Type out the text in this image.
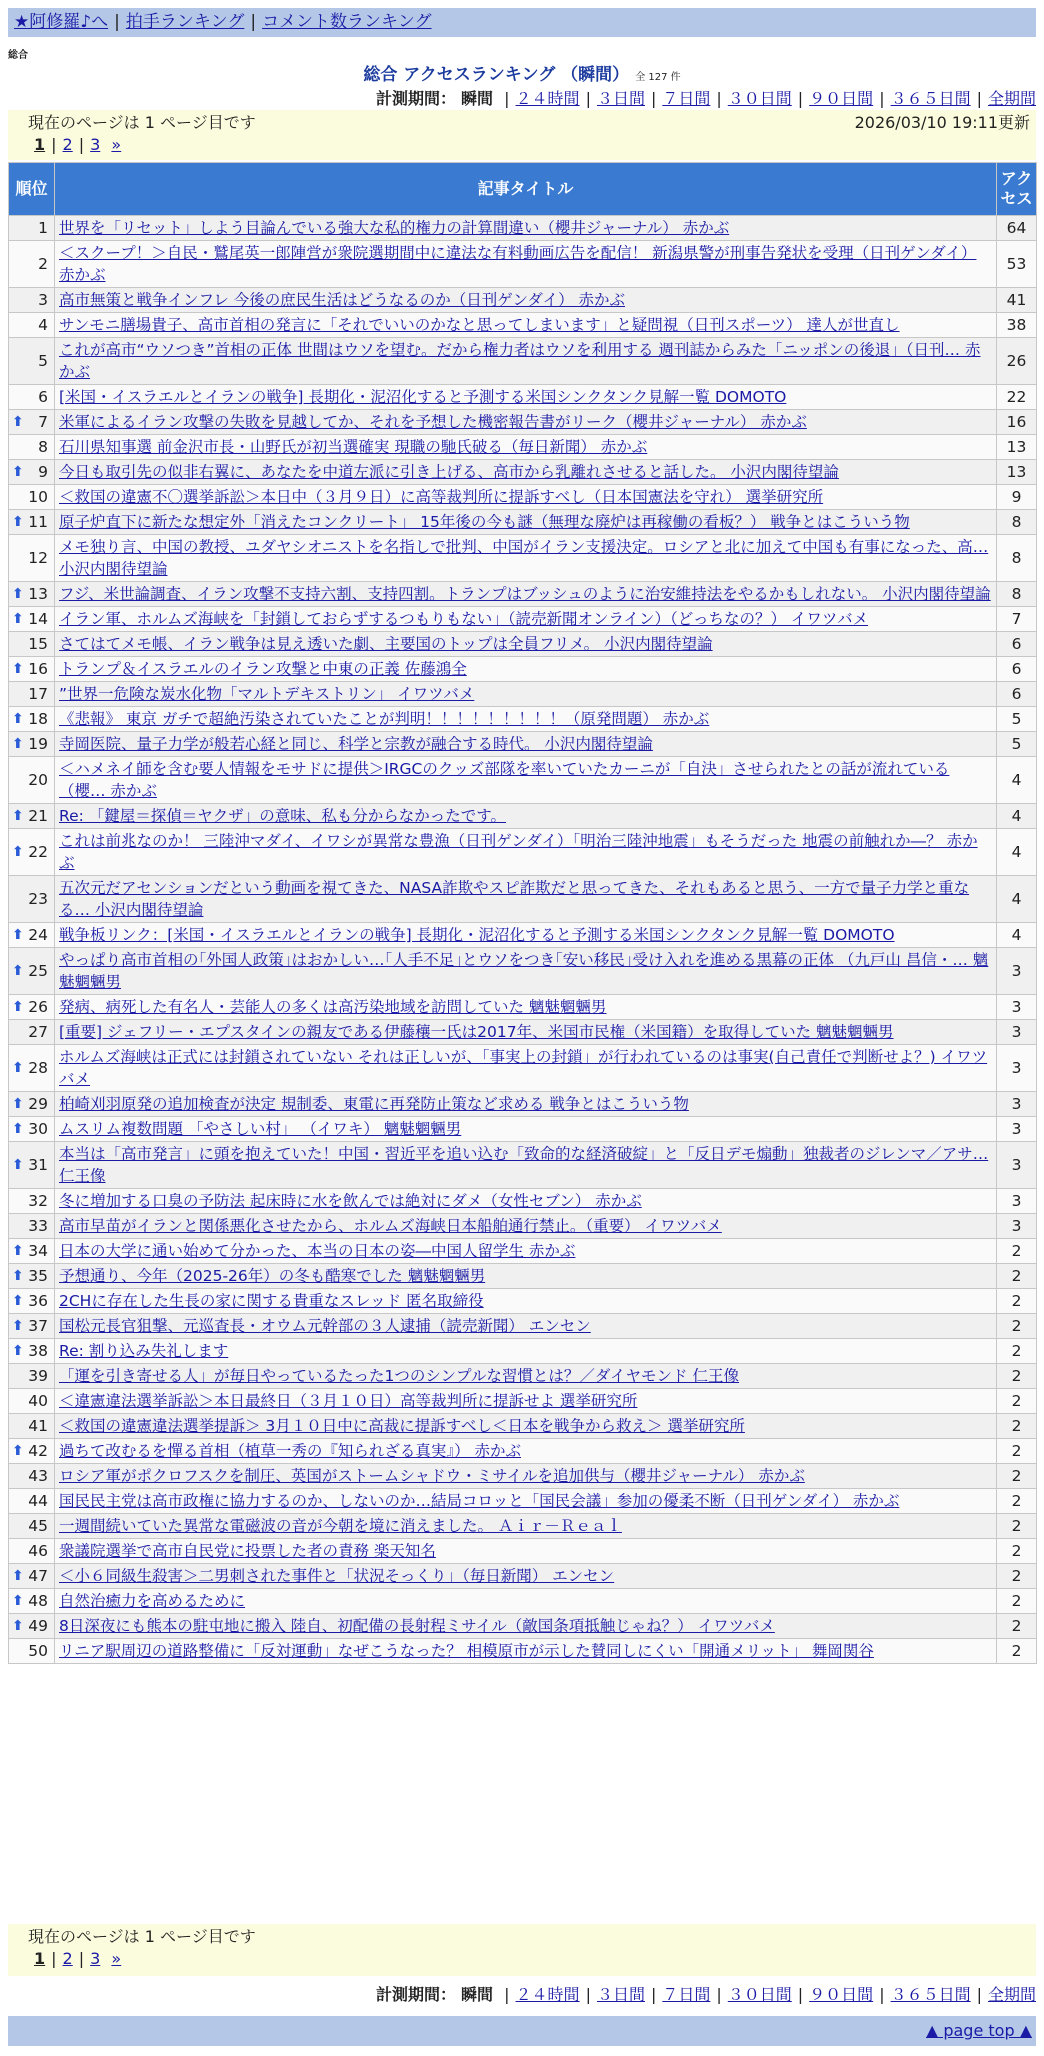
★阿修羅♪へ | 拍手ランキング | コメント数ランキング
総合
総合 アクセスランキング （瞬間） 全 127 件
計測期間： 瞬間 | ２４時間 | ３日間 | ７日間 | ３０日間 | ９０日間 | ３６５日間 | 全期間
現在のページは 1 ページ目です	2026/03/10 19:11更新
1 | 2 | 3 »
順位	記事タイトル	アクセス
1	世界を「リセット」しよう目論んでいる強大な私的権力の計算間違い（櫻井ジャーナル） 赤かぶ	64
2	＜スクープ！＞自民・鷲尾英一郎陣営が衆院選期間中に違法な有料動画広告を配信！ 新潟県警が刑事告発状を受理（日刊ゲンダイ） 赤かぶ	53
3	高市無策と戦争インフレ 今後の庶民生活はどうなるのか（日刊ゲンダイ） 赤かぶ	41
4	サンモニ膳場貴子、高市首相の発言に「それでいいのかなと思ってしまいます」と疑問視（日刊スポーツ） 達人が世直し	38
5	これが高市“ウソつき”首相の正体 世間はウソを望む。だから権力者はウソを利用する 週刊誌からみた「ニッポンの後退」（日刊… 赤かぶ	26
6	[米国・イスラエルとイランの戦争] 長期化・泥沼化すると予測する米国シンクタンク見解一覧 DOMOTO	22

⬆ 7	米軍によるイラン攻撃の失敗を見越してか、それを予想した機密報告書がリーク（櫻井ジャーナル） 赤かぶ	16
8	石川県知事選 前金沢市長・山野氏が初当選確実 現職の馳氏破る（毎日新聞） 赤かぶ	13

⬆ 9	今日も取引先の似非右翼に、あなたを中道左派に引き上げる、高市から乳離れさせると話した。 小沢内閣待望論	13
10	＜救国の違憲不〇選挙訴訟＞本日中（３月９日）に高等裁判所に提訴すべし（日本国憲法を守れ） 選挙研究所	9

⬆ 11	原子炉直下に新たな想定外「消えたコンクリート」 15年後の今も謎（無理な廃炉は再稼働の看板？） 戦争とはこういう物	8
12	メモ独り言、中国の教授、ユダヤシオニストを名指しで批判、中国がイラン支援決定。ロシアと北に加えて中国も有事になった、高… 小沢内閣待望論	8

⬆ 13	フジ、米世論調査、イラン攻撃不支持六割、支持四割。トランプはブッシュのように治安維持法をやるかもしれない。 小沢内閣待望論	8

⬆ 14	イラン軍、ホルムズ海峡を「封鎖しておらずするつもりもない」（読売新聞オンライン）（どっちなの？） イワツバメ	7
15	さてはてメモ帳、イラン戦争は見え透いた劇、主要国のトップは全員フリメ。 小沢内閣待望論	6

⬆ 16	トランプ＆イスラエルのイラン攻撃と中東の正義 佐藤鴻全	6
17	”世界一危険な炭水化物「マルトデキストリン」 イワツバメ	6

⬆ 18	《悲報》 東京 ガチで超絶汚染されていたことが判明！！！！！！！！！（原発問題） 赤かぶ	5

⬆ 19	寺岡医院、量子力学が般若心経と同じ、科学と宗教が融合する時代。 小沢内閣待望論	5
20	＜ハメネイ師を含む要人情報をモサドに提供＞IRGCのクッズ部隊を率いていたカーニが「自決」させられたとの話が流れている（櫻… 赤かぶ	4

⬆ 21	Re: 「鍵屋＝探偵＝ヤクザ」の意味、私も分からなかったです。	4

⬆ 22	これは前兆なのか！ 三陸沖マダイ、イワシが異常な豊漁（日刊ゲンダイ）「明治三陸沖地震」もそうだった 地震の前触れか―？ 赤かぶ	4
23	五次元だアセンションだという動画を視てきた、NASA詐欺やスピ詐欺だと思ってきた、それもあると思う、一方で量子力学と重なる… 小沢内閣待望論	4

⬆ 24	戦争板リンク：[米国・イスラエルとイランの戦争] 長期化・泥沼化すると予測する米国シンクタンク見解一覧 DOMOTO	4

⬆ 25	やっぱり高市首相の｢外国人政策｣はおかしい…｢人手不足｣とウソをつき｢安い移民｣受け入れを進める黒幕の正体 （九戸山 昌信・… 魑魅魍魎男	3

⬆ 26	発病、病死した有名人・芸能人の多くは高汚染地域を訪問していた 魑魅魍魎男	3
27	[重要] ジェフリー・エプスタインの親友である伊藤穰一氏は2017年、米国市民権（米国籍）を取得していた 魑魅魍魎男	3

⬆ 28	ホルムズ海峡は正式には封鎖されていない それは正しいが、「事実上の封鎖」が行われているのは事実(自己責任で判断せよ？) イワツバメ	3

⬆ 29	柏崎刈羽原発の追加検査が決定 規制委、東電に再発防止策など求める 戦争とはこういう物	3

⬆ 30	ムスリム複数問題 「やさしい村」 （イワキ） 魑魅魍魎男	3

⬆ 31	本当は「高市発言」に頭を抱えていた！中国・習近平を追い込む「致命的な経済破綻」と「反日デモ煽動」独裁者のジレンマ／アサ… 仁王像	3
32	冬に増加する口臭の予防法 起床時に水を飲んでは絶対にダメ（女性セブン） 赤かぶ	3
33	高市早苗がイランと関係悪化させたから、ホルムズ海峡日本船舶通行禁止。（重要） イワツバメ	3

⬆ 34	日本の大学に通い始めて分かった、本当の日本の姿―中国人留学生 赤かぶ	2

⬆ 35	予想通り、今年（2025-26年）の冬も酷寒でした 魑魅魍魎男	2

⬆ 36	2CHに存在した生長の家に関する貴重なスレッド 匿名取締役	2

⬆ 37	国松元長官狙撃、元巡査長・オウム元幹部の３人逮捕（読売新聞） エンセン	2

⬆ 38	Re: 割り込み失礼します	2
39	「運を引き寄せる人」が毎日やっているたった1つのシンプルな習慣とは？／ダイヤモンド 仁王像	2
40	＜違憲違法選挙訴訟＞本日最終日（３月１０日）高等裁判所に提訴せよ 選挙研究所	2
41	＜救国の違憲違法選挙提訴＞ 3月１０日中に高裁に提訴すべし＜日本を戦争から救え＞ 選挙研究所	2

⬆ 42	過ちて改むるを憚る首相（植草一秀の『知られざる真実』） 赤かぶ	2
43	ロシア軍がポクロフスクを制圧、英国がストームシャドウ・ミサイルを追加供与（櫻井ジャーナル） 赤かぶ	2
44	国民民主党は高市政権に協力するのか、しないのか…結局コロッと「国民会議」参加の優柔不断（日刊ゲンダイ） 赤かぶ	2
45	一週間続いていた異常な電磁波の音が今朝を境に消えました。 Ａｉｒ－Ｒｅａｌ	2
46	衆議院選挙で高市自民党に投票した者の責務 楽天知名	2

⬆ 47	＜小６同級生殺害＞二男刺された事件と「状況そっくり」（毎日新聞） エンセン	2

⬆ 48	自然治癒力を高めるために	2

⬆ 49	8日深夜にも熊本の駐屯地に搬入 陸自、初配備の長射程ミサイル（敵国条項抵触じゃね？） イワツバメ	2
50	リニア駅周辺の道路整備に「反対運動」なぜこうなった？ 相模原市が示した賛同しにくい「開通メリット」 舞岡関谷	2
現在のページは 1 ページ目です
1 | 2 | 3 »
計測期間： 瞬間 | ２４時間 | ３日間 | ７日間 | ３０日間 | ９０日間 | ３６５日間 | 全期間
▲ page top ▲
